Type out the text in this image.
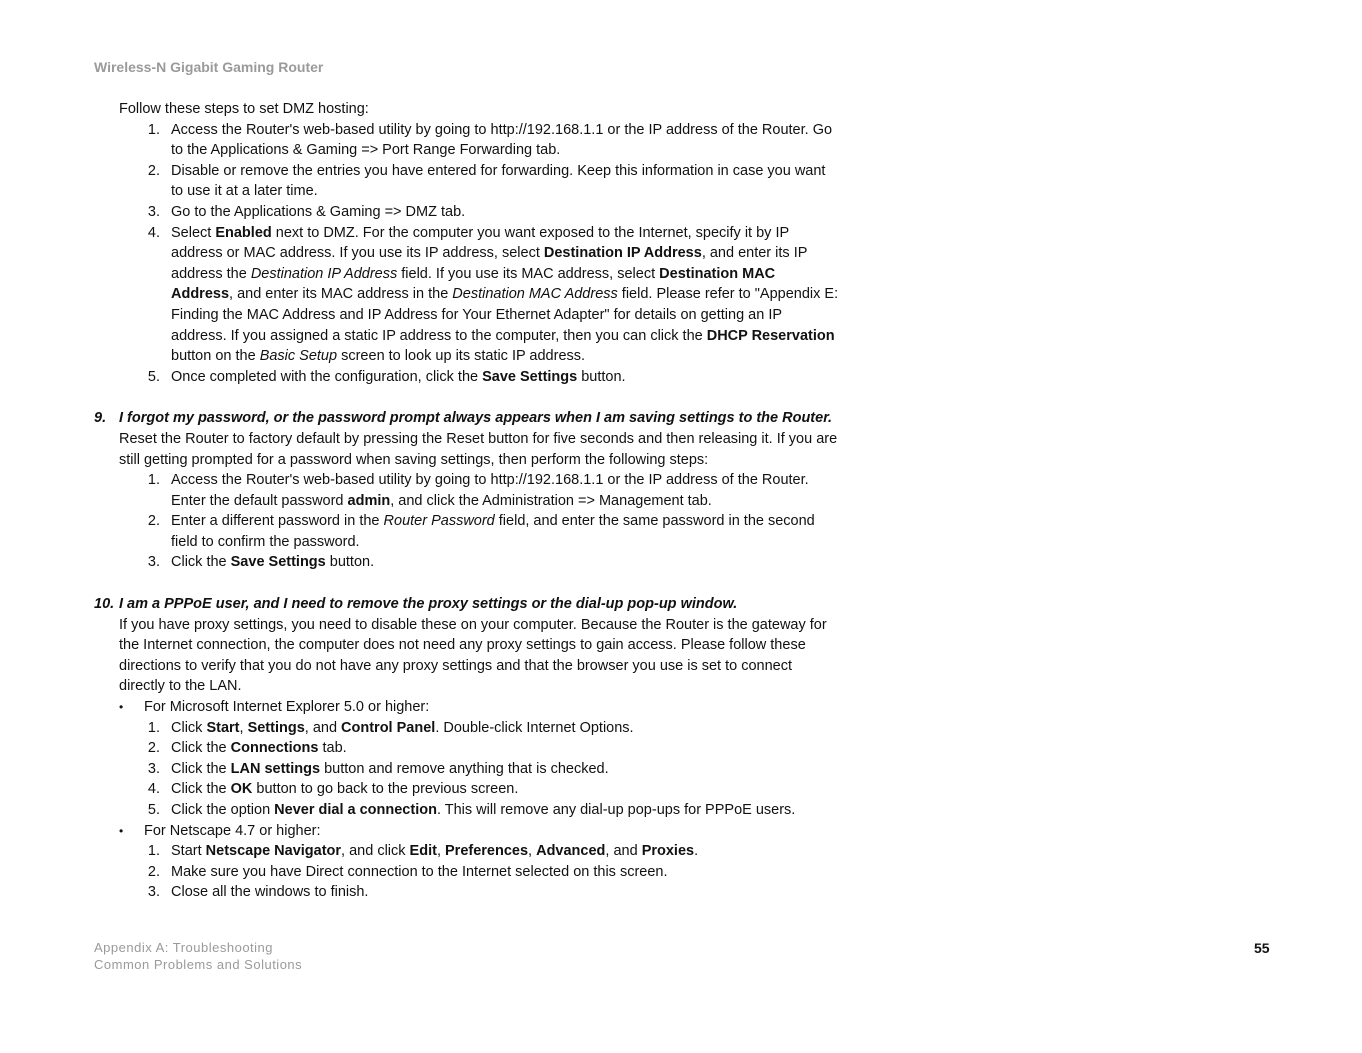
Wireless-N Gigabit Gaming Router
Follow these steps to set DMZ hosting:
1. Access the Router's web-based utility by going to http://192.168.1.1 or the IP address of the Router. Go to the Applications & Gaming => Port Range Forwarding tab.
2. Disable or remove the entries you have entered for forwarding. Keep this information in case you want to use it at a later time.
3. Go to the Applications & Gaming => DMZ tab.
4. Select Enabled next to DMZ. For the computer you want exposed to the Internet, specify it by IP address or MAC address. If you use its IP address, select Destination IP Address, and enter its IP address the Destination IP Address field. If you use its MAC address, select Destination MAC Address, and enter its MAC address in the Destination MAC Address field. Please refer to "Appendix E: Finding the MAC Address and IP Address for Your Ethernet Adapter" for details on getting an IP address. If you assigned a static IP address to the computer, then you can click the DHCP Reservation button on the Basic Setup screen to look up its static IP address.
5. Once completed with the configuration, click the Save Settings button.
9. I forgot my password, or the password prompt always appears when I am saving settings to the Router.
Reset the Router to factory default by pressing the Reset button for five seconds and then releasing it. If you are still getting prompted for a password when saving settings, then perform the following steps:
1. Access the Router's web-based utility by going to http://192.168.1.1 or the IP address of the Router. Enter the default password admin, and click the Administration => Management tab.
2. Enter a different password in the Router Password field, and enter the same password in the second field to confirm the password.
3. Click the Save Settings button.
10. I am a PPPoE user, and I need to remove the proxy settings or the dial-up pop-up window.
If you have proxy settings, you need to disable these on your computer. Because the Router is the gateway for the Internet connection, the computer does not need any proxy settings to gain access. Please follow these directions to verify that you do not have any proxy settings and that the browser you use is set to connect directly to the LAN.
• For Microsoft Internet Explorer 5.0 or higher:
1. Click Start, Settings, and Control Panel. Double-click Internet Options.
2. Click the Connections tab.
3. Click the LAN settings button and remove anything that is checked.
4. Click the OK button to go back to the previous screen.
5. Click the option Never dial a connection. This will remove any dial-up pop-ups for PPPoE users.
• For Netscape 4.7 or higher:
1. Start Netscape Navigator, and click Edit, Preferences, Advanced, and Proxies.
2. Make sure you have Direct connection to the Internet selected on this screen.
3. Close all the windows to finish.
Appendix A: Troubleshooting
Common Problems and Solutions
55
